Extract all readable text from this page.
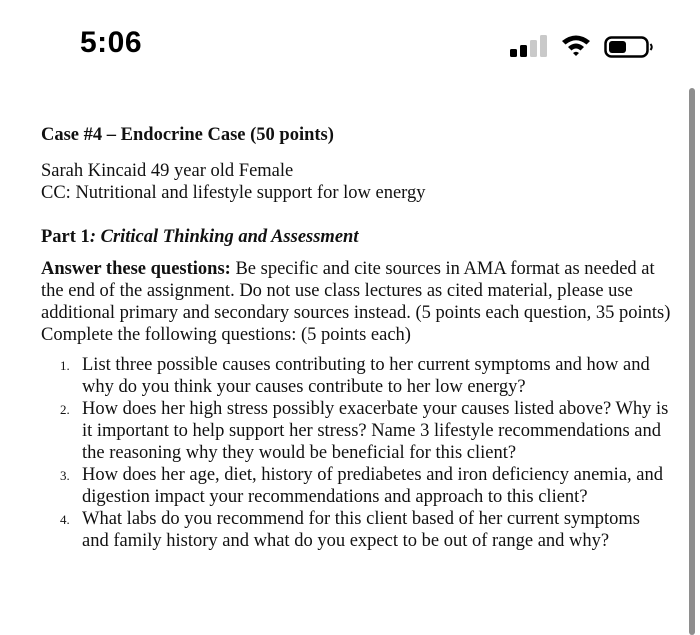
5:06

Case #4 – Endocrine Case (50 points)

Sarah Kincaid 49 year old Female

CC: Nutritional and lifestyle support for low energy

Part 1: Critical Thinking and Assessment

Answer these questions: Be specific and cite sources in AMA format as needed at the end of the assignment. Do not use class lectures as cited material, please use additional primary and secondary sources instead. (5 points each question, 35 points)

Complete the following questions: (5 points each)

1. List three possible causes contributing to her current symptoms and how and why do you think your causes contribute to her low energy?
2. How does her high stress possibly exacerbate your causes listed above? Why is it important to help support her stress? Name 3 lifestyle recommendations and the reasoning why they would be beneficial for this client?
3. How does her age, diet, history of prediabetes and iron deficiency anemia, and digestion impact your recommendations and approach to this client?
4. What labs do you recommend for this client based of her current symptoms and family history and what do you expect to be out of range and why?
